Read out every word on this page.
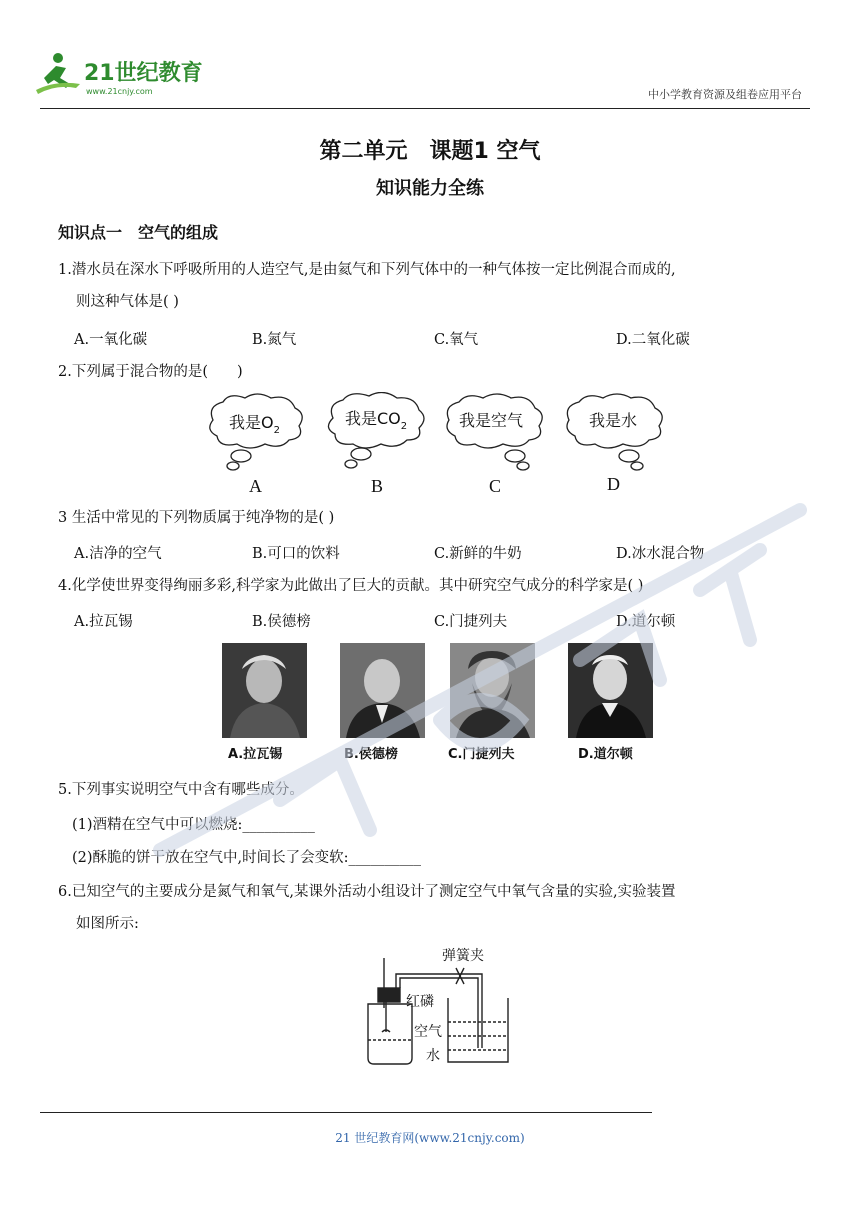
21世纪教育
www.21cnjy.com	中小学教育资源及组卷应用平台
第二单元　课题1 空气
知识能力全练
知识点一　空气的组成
1.潜水员在深水下呼吸所用的人造空气,是由氦气和下列气体中的一种气体按一定比例混合而成的,
则这种气体是( )
A.一氧化碳	B.氮气	C.氧气	D.二氧化碳
2.下列属于混合物的是(　　)
我是$O_2$
我是$CO_2$	我是空气	我是水
A	B	C	D
3 生活中常见的下列物质属于纯净物的是( )
A.洁净的空气	B.可口的饮料	C.新鲜的牛奶	D.冰水混合物
4.化学使世界变得绚丽多彩,科学家为此做出了巨大的贡献。其中研究空气成分的科学家是( )
A.拉瓦锡	B.侯德榜	C.门捷列夫	D.道尔顿
A.拉瓦锡	B.侯德榜	C.门捷列夫	D.道尔顿
5.下列事实说明空气中含有哪些成分。
(1)酒精在空气中可以燃烧:__________
(2)酥脆的饼干放在空气中,时间长了会变软:__________
6.已知空气的主要成分是氮气和氧气,某课外活动小组设计了测定空气中氧气含量的实验,实验装置
如图所示:
弹簧夹
红磷
空气
水
21 世纪教育网(www.21cnjy.com)
